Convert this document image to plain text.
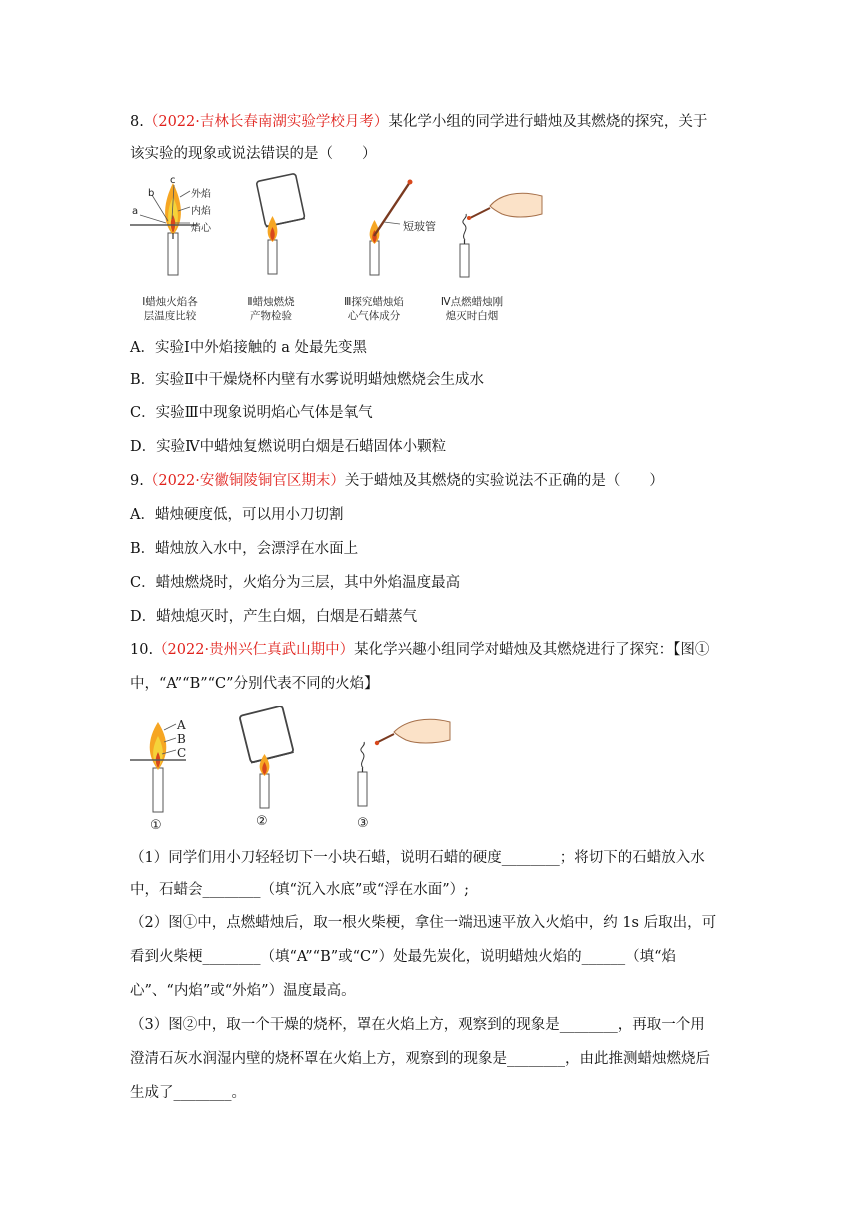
8.（2022·吉林长春南湖实验学校月考）某化学小组的同学进行蜡烛及其燃烧的探究，关于
该实验的现象或说法错误的是（　　）
a
b
c
外焰
内焰
焰心	短玻管
Ⅰ蜡烛火焰各
层温度比较
Ⅱ蜡烛燃烧
产物检验
Ⅲ探究蜡烛焰
心气体成分
Ⅳ点燃蜡烛刚
熄灭时白烟
A．实验Ⅰ中外焰接触的 a 处最先变黑
B．实验Ⅱ中干燥烧杯内壁有水雾说明蜡烛燃烧会生成水
C．实验Ⅲ中现象说明焰心气体是氧气
D．实验Ⅳ中蜡烛复燃说明白烟是石蜡固体小颗粒
9.（2022·安徽铜陵铜官区期末）关于蜡烛及其燃烧的实验说法不正确的是（　　）
A．蜡烛硬度低，可以用小刀切割
B．蜡烛放入水中，会漂浮在水面上
C．蜡烛燃烧时，火焰分为三层，其中外焰温度最高
D．蜡烛熄灭时，产生白烟，白烟是石蜡蒸气
10.（2022·贵州兴仁真武山期中）某化学兴趣小组同学对蜡烛及其燃烧进行了探究：【图①
中，“A”“B”“C”分别代表不同的火焰】
A
B
C
①	②	③
（1）同学们用小刀轻轻切下一小块石蜡，说明石蜡的硬度________；将切下的石蜡放入水
中，石蜡会________（填“沉入水底”或“浮在水面”）;
（2）图①中，点燃蜡烛后，取一根火柴梗，拿住一端迅速平放入火焰中，约 1s 后取出，可
看到火柴梗________（填“A”“B”或“C”）处最先炭化，说明蜡烛火焰的______（填“焰
心”、“内焰”或“外焰”）温度最高。
（3）图②中，取一个干燥的烧杯，罩在火焰上方，观察到的现象是________，再取一个用
澄清石灰水润湿内壁的烧杯罩在火焰上方，观察到的现象是________，由此推测蜡烛燃烧后
生成了________。
